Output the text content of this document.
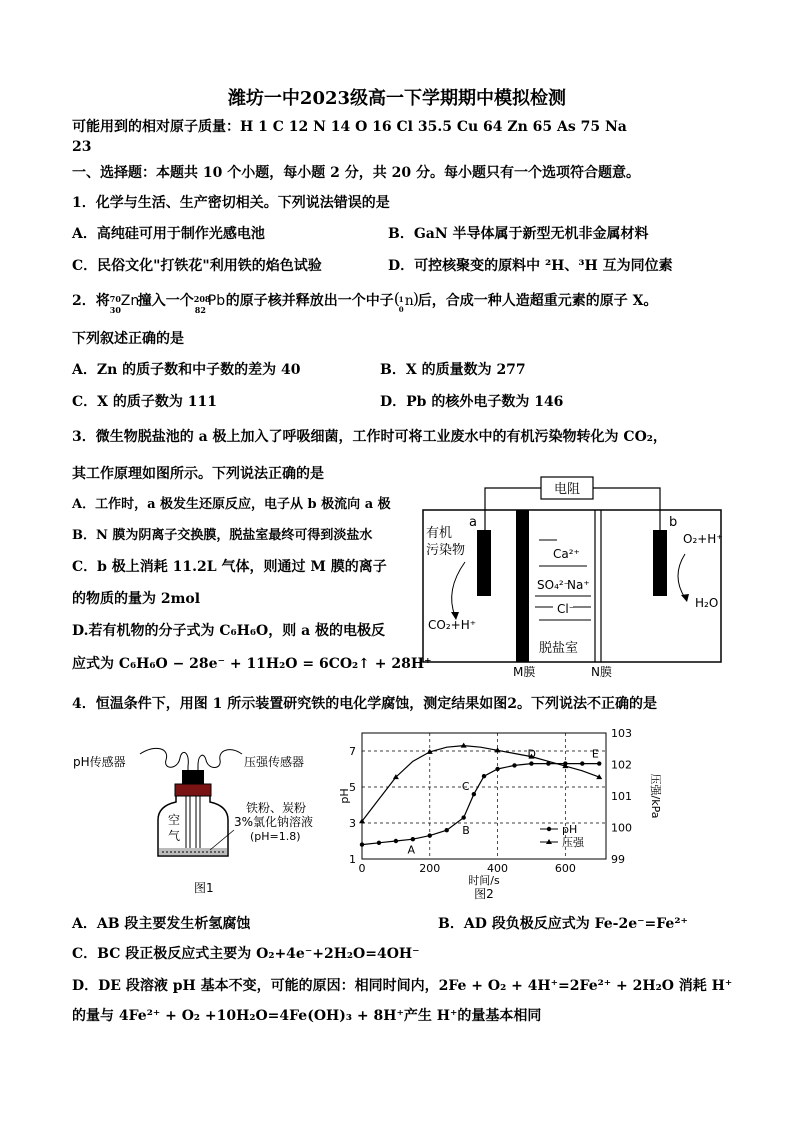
潍坊一中2023级高一下学期期中模拟检测
可能用到的相对原子质量：H 1 C 12 N 14 O 16 Cl 35.5 Cu 64 Zn 65 As 75 Na
23
一、选择题：本题共 10 个小题，每小题 2 分，共 20 分。每小题只有一个选项符合题意。
1．化学与生活、生产密切相关。下列说法错误的是
A．高纯硅可用于制作光感电池	B．GaN 半导体属于新型无机非金属材料
C．民俗文化"打铁花"利用铁的焰色试验	D．可控核聚变的原料中 ²H、³H 互为同位素
2．将 70
30
Zn
撞入一个 208
82
Pb 的原子核并释放出一个中子 (
1
0
n
)
后，合成一种人造超重元素的原子 X。
下列叙述正确的是
A．Zn 的质子数和中子数的差为 40	B．X 的质量数为 277
C．X 的质子数为 111	D．Pb 的核外电子数为 146
3．微生物脱盐池的 a 极上加入了呼吸细菌，工作时可将工业废水中的有机污染物转化为 CO₂，
其工作原理如图所示。下列说法正确的是
A．工作时，a 极发生还原反应，电子从 b 极流向 a 极
B．N 膜为阴离子交换膜，脱盐室最终可得到淡盐水
C．b 极上消耗 11.2L 气体，则通过 M 膜的离子
的物质的量为 2mol
D.若有机物的分子式为 C₆H₆O，则 a 极的电极反
应式为 C₆H₆O − 28e⁻ + 11H₂O = 6CO₂↑ + 28H⁺
电阻
a	b
有机
污染物
CO₂+H⁺
O₂+H⁺
H₂O
Ca²⁺
SO₄²⁻
Na⁺
Cl⁻
脱盐室
M膜	N膜
4．恒温条件下，用图 1 所示装置研究铁的电化学腐蚀，测定结果如图2。下列说法不正确的是
pH传感器	压强传感器
空
气
铁粉、炭粉
3%氯化钠溶液
(pH=1.8)
图1
0	200	400	600
1
3
5
7
99
100
101
102
103
pH	压强/kPa
时间/s
图2
A
B
C
D	E
pH
压强
A．AB 段主要发生析氢腐蚀	B．AD 段负极反应式为 Fe-2e⁻=Fe²⁺
C．BC 段正极反应式主要为 O₂+4e⁻+2H₂O=4OH⁻
D．DE 段溶液 pH 基本不变，可能的原因：相同时间内，2Fe + O₂ + 4H⁺=2Fe²⁺ + 2H₂O 消耗 H⁺
的量与 4Fe²⁺ + O₂ +10H₂O=4Fe(OH)₃ + 8H⁺产生 H⁺的量基本相同
